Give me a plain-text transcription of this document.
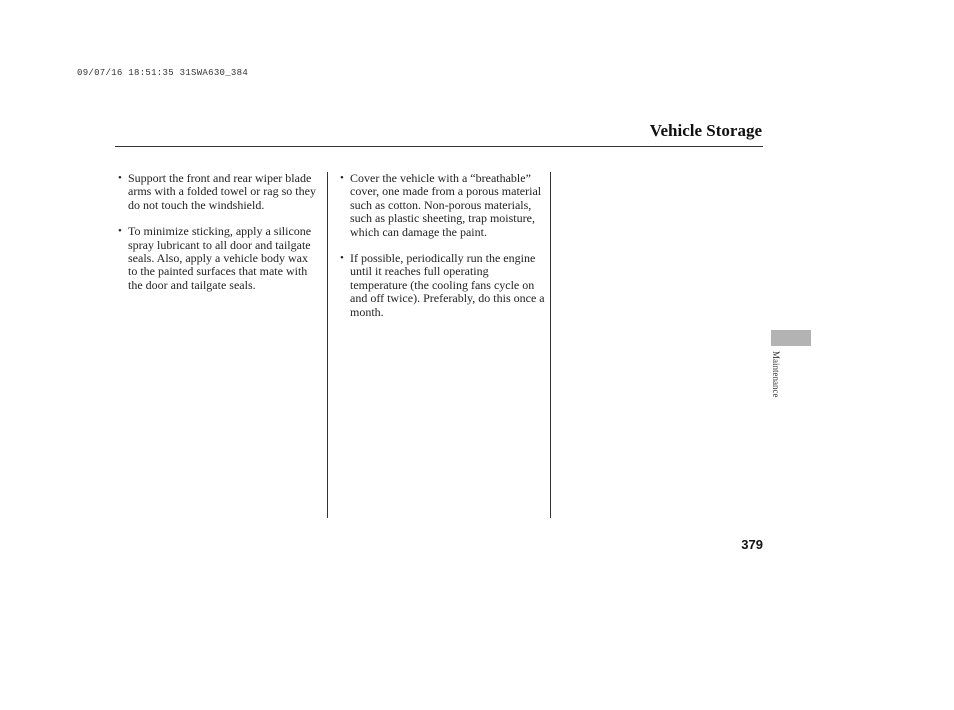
09/07/16 18:51:35 31SWA630_384
Vehicle Storage
• Support the front and rear wiper blade arms with a folded towel or rag so they do not touch the windshield.
• To minimize sticking, apply a silicone spray lubricant to all door and tailgate seals. Also, apply a vehicle body wax to the painted surfaces that mate with the door and tailgate seals.
• Cover the vehicle with a “breathable” cover, one made from a porous material such as cotton. Non-porous materials, such as plastic sheeting, trap moisture, which can damage the paint.
• If possible, periodically run the engine until it reaches full operating temperature (the cooling fans cycle on and off twice). Preferably, do this once a month.
Maintenance
379
